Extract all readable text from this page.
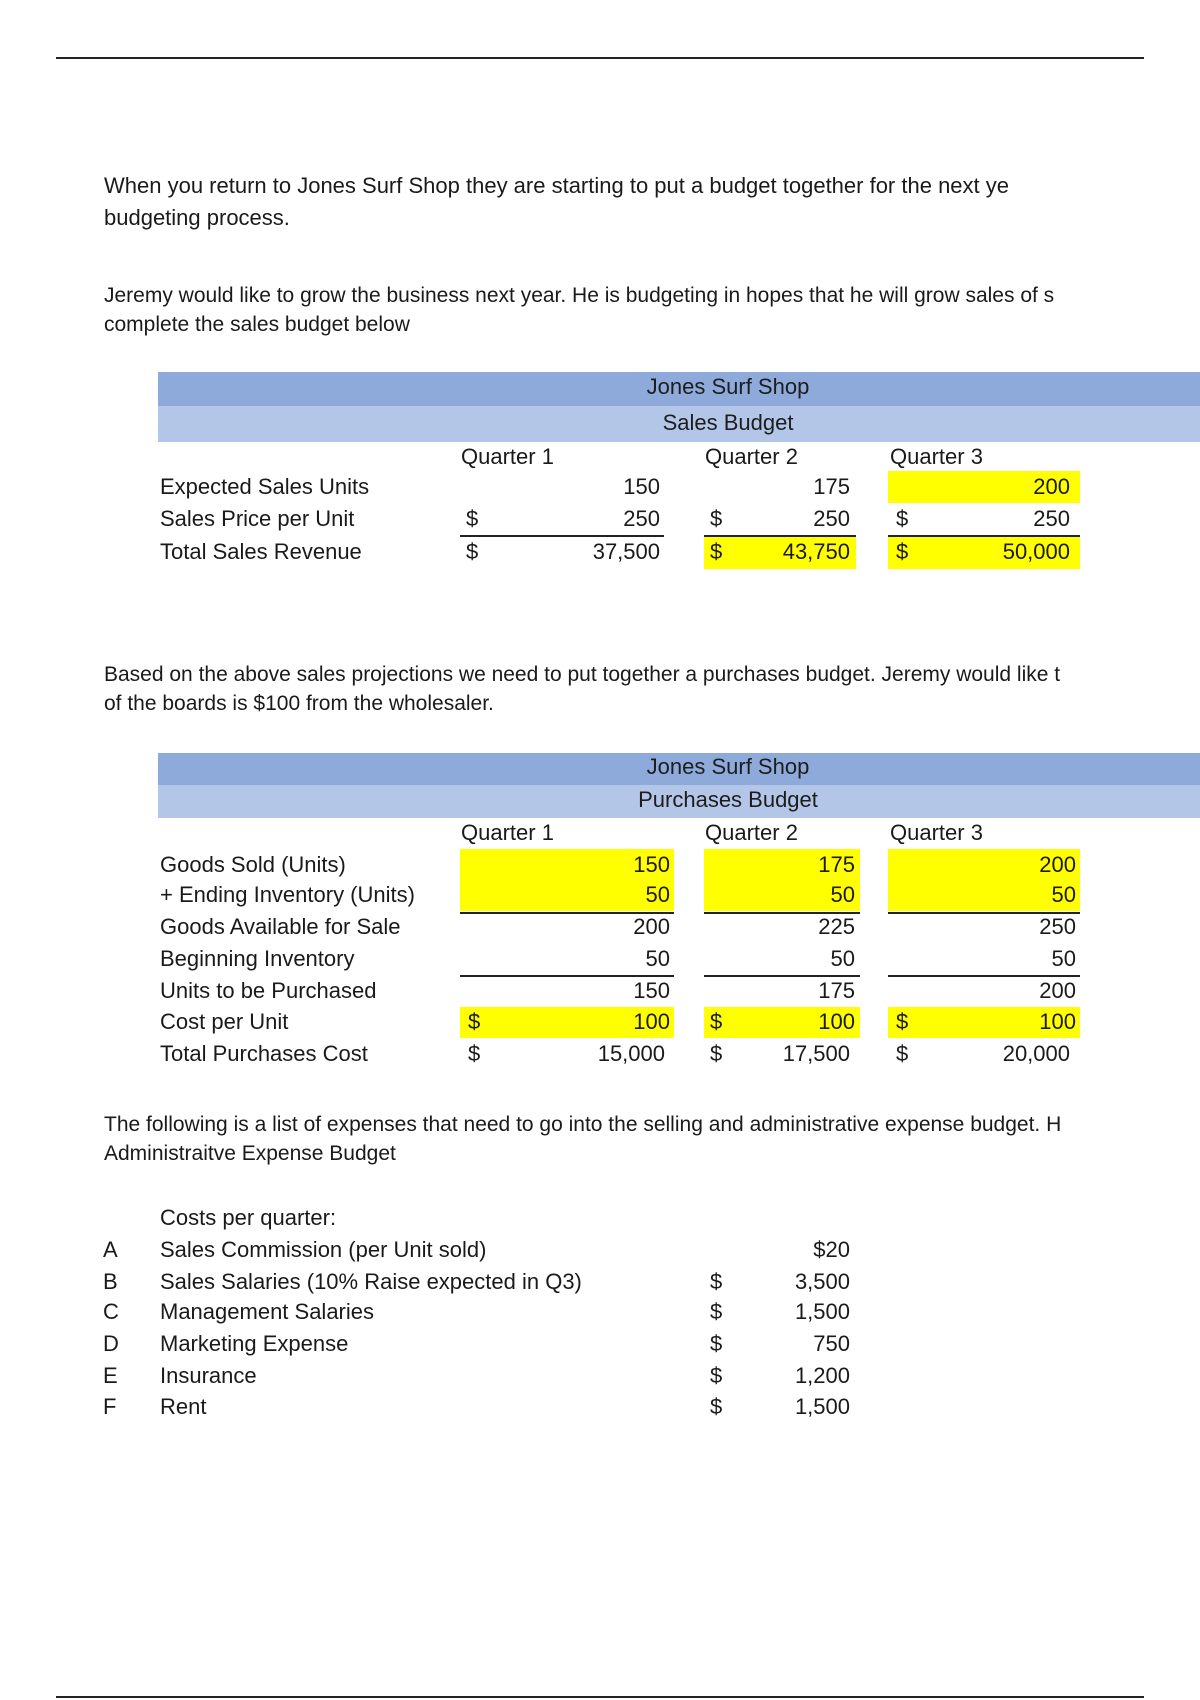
When you return to Jones Surf Shop they are starting to put a budget together for the next ye
budgeting process.
Jeremy would like to grow the business next year. He is budgeting in hopes that he will grow sales of s
complete the sales budget below
Jones Surf Shop
Sales Budget
Quarter 1	Quarter 2	Quarter 3
Expected Sales Units	150	175	200
Sales Price per Unit	$	250 $	250 $	250
Total Sales Revenue	$	37,500 $	43,750 $	50,000
Based on the above sales projections we need to put together a purchases budget. Jeremy would like t
of the boards is $100 from the wholesaler.
Jones Surf Shop
Purchases Budget
Quarter 1	Quarter 2	Quarter 3
Goods Sold (Units)	150	175	200
+ Ending Inventory (Units)	50	50	50
Goods Available for Sale	200	225	250
Beginning Inventory	50	50	50
Units to be Purchased	150	175	200
Cost per Unit	$	100 $	100 $	100
Total Purchases Cost	$	15,000 $	17,500 $	20,000
The following is a list of expenses that need to go into the selling and administrative expense budget. H
Administraitve Expense Budget
Costs per quarter:
A Sales Commission (per Unit sold)	$20
B Sales Salaries (10% Raise expected in Q3)	$	3,500
C Management Salaries	$	1,500
D Marketing Expense	$	750
E Insurance	$	1,200
F Rent	$	1,500
